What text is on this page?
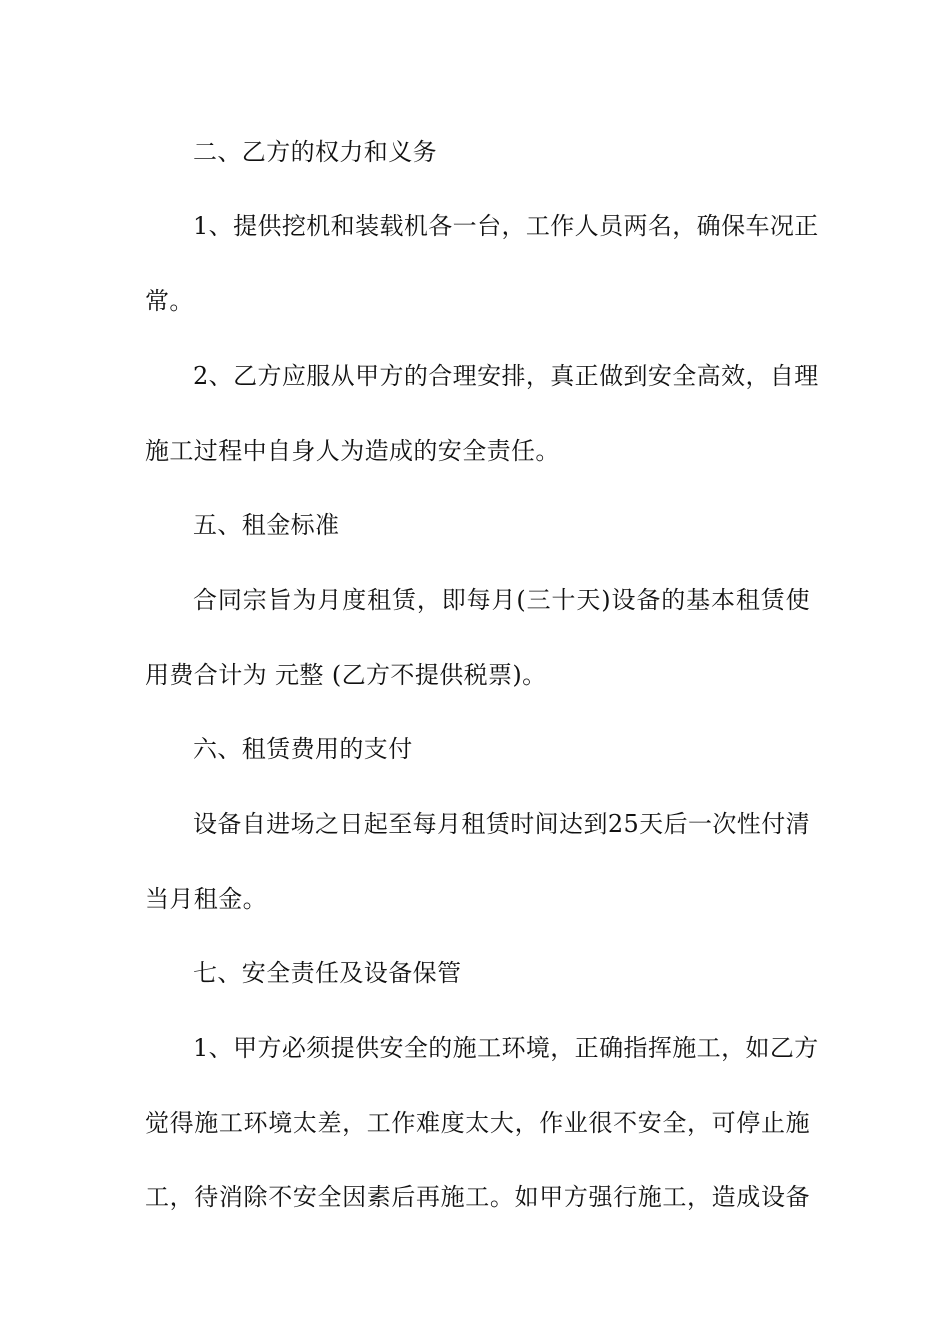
二、乙方的权力和义务
1、提供挖机和装载机各一台，工作人员两名，确保车况正
常。
2、乙方应服从甲方的合理安排，真正做到安全高效，自理
施工过程中自身人为造成的安全责任。
五、租金标准
合同宗旨为月度租赁，即每月(三十天)设备的基本租赁使
用费合计为 元整 (乙方不提供税票)。
六、租赁费用的支付
设备自进场之日起至每月租赁时间达到25天后一次性付清
当月租金。
七、安全责任及设备保管
1、甲方必须提供安全的施工环境，正确指挥施工，如乙方
觉得施工环境太差，工作难度太大，作业很不安全，可停止施
工，待消除不安全因素后再施工。如甲方强行施工，造成设备
